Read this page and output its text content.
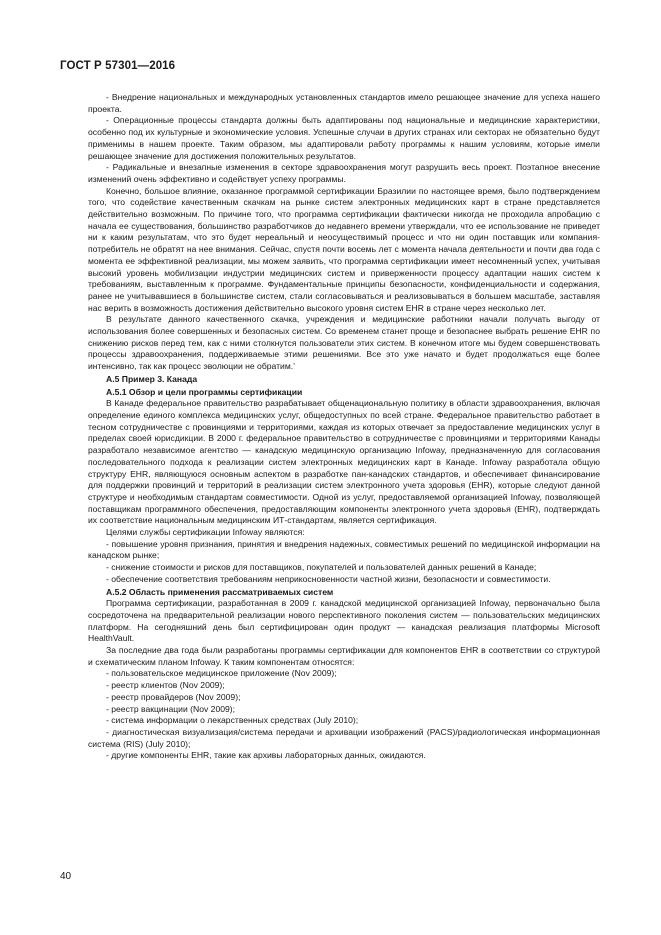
ГОСТ Р 57301—2016

- Внедрение национальных и международных установленных стандартов имело решающее значение для успеха нашего проекта.

- Операционные процессы стандарта должны быть адаптированы под национальные и медицинские характеристики, особенно под их культурные и экономические условия. Успешные случаи в других странах или секторах не обязательно будут применимы в нашем проекте. Таким образом, мы адаптировали работу программы к нашим условиям, которые имели решающее значение для достижения положительных результатов.

- Радикальные и внезапные изменения в секторе здравоохранения могут разрушить весь проект. Поэтапное внесение изменений очень эффективно и содействует успеху программы.

Конечно, большое влияние, оказанное программой сертификации Бразилии по настоящее время, было подтверждением того, что содействие качественным скачкам на рынке систем электронных медицинских карт в стране представляется действительно возможным. По причине того, что программа сертификации фактически никогда не проходила апробацию с начала ее существования, большинство разработчиков до недавнего времени утверждали, что ее использование не приведет ни к каким результатам, что это будет нереальный и неосуществимый процесс и что ни один поставщик или компания-потребитель не обратят на нее внимания. Сейчас, спустя почти восемь лет с момента начала деятельности и почти два года с момента ее эффективной реализации, мы можем заявить, что программа сертификации имеет несомненный успех, учитывая высокий уровень мобилизации индустрии медицинских систем и приверженности процессу адаптации наших систем к требованиям, выставленным к программе. Фундаментальные принципы безопасности, конфиденциальности и содержания, ранее не учитывавшиеся в большинстве систем, стали согласовываться и реализовываться в большем масштабе, заставляя нас верить в возможность достижения действительно высокого уровня систем EHR в стране через несколько лет.

В результате данного качественного скачка, учреждения и медицинские работники начали получать выгоду от использования более совершенных и безопасных систем. Со временем станет проще и безопаснее выбрать решение EHR по снижению рисков перед тем, как с ними столкнутся пользователи этих систем. В конечном итоге мы будем совершенствовать процессы здравоохранения, поддерживаемые этими решениями. Все это уже начато и будет продолжаться еще более интенсивно, так как процесс эволюции не обратим.’

А.5 Пример 3. Канада
А.5.1 Обзор и цели программы сертификации

В Канаде федеральное правительство разрабатывает общенациональную политику в области здравоохранения, включая определение единого комплекса медицинских услуг, общедоступных по всей стране. Федеральное правительство работает в тесном сотрудничестве с провинциями и территориями, каждая из которых отвечает за предоставление медицинских услуг в пределах своей юрисдикции. В 2000 г. федеральное правительство в сотрудничестве с провинциями и территориями Канады разработало независимое агентство — канадскую медицинскую организацию Infoway, предназначенную для согласования последовательного подхода к реализации систем электронных медицинских карт в Канаде. Infoway разработала общую структуру EHR, являющуюся основным аспектом в разработке пан-канадских стандартов, и обеспечивает финансирование для поддержки провинций и территорий в реализации систем электронного учета здоровья (EHR), которые следуют данной структуре и необходимым стандартам совместимости. Одной из услуг, предоставляемой организацией Infoway, позволяющей поставщикам программного обеспечения, предоставляющим компоненты электронного учета здоровья (EHR), подтверждать их соответствие национальным медицинским ИТ-стандартам, является сертификация.

Целями службы сертификации Infoway являются:

- повышение уровня признания, принятия и внедрения надежных, совместимых решений по медицинской информации на канадском рынке;

- снижение стоимости и рисков для поставщиков, покупателей и пользователей данных решений в Канаде;

- обеспечение соответствия требованиям неприкосновенности частной жизни, безопасности и совместимости.

А.5.2 Область применения рассматриваемых систем

Программа сертификации, разработанная в 2009 г. канадской медицинской организацией Infoway, первоначально была сосредоточена на предварительной реализации нового перспективного поколения систем — пользовательских медицинских платформ. На сегодняшний день был сертифицирован один продукт — канадская реализация платформы Microsoft HealthVault.

За последние два года были разработаны программы сертификации для компонентов EHR в соответствии со структурой и схематическим планом Infoway. К таким компонентам относятся:

- пользовательское медицинское приложение (Nov 2009);

- реестр клиентов (Nov 2009);

- реестр провайдеров (Nov 2009);

- реестр вакцинации (Nov 2009);

- система информации о лекарственных средствах (July 2010);

- диагностическая визуализация/система передачи и архивации изображений (PACS)/радиологическая информационная система (RIS) (July 2010);

- другие компоненты EHR, такие как архивы лабораторных данных, ожидаются.

40
